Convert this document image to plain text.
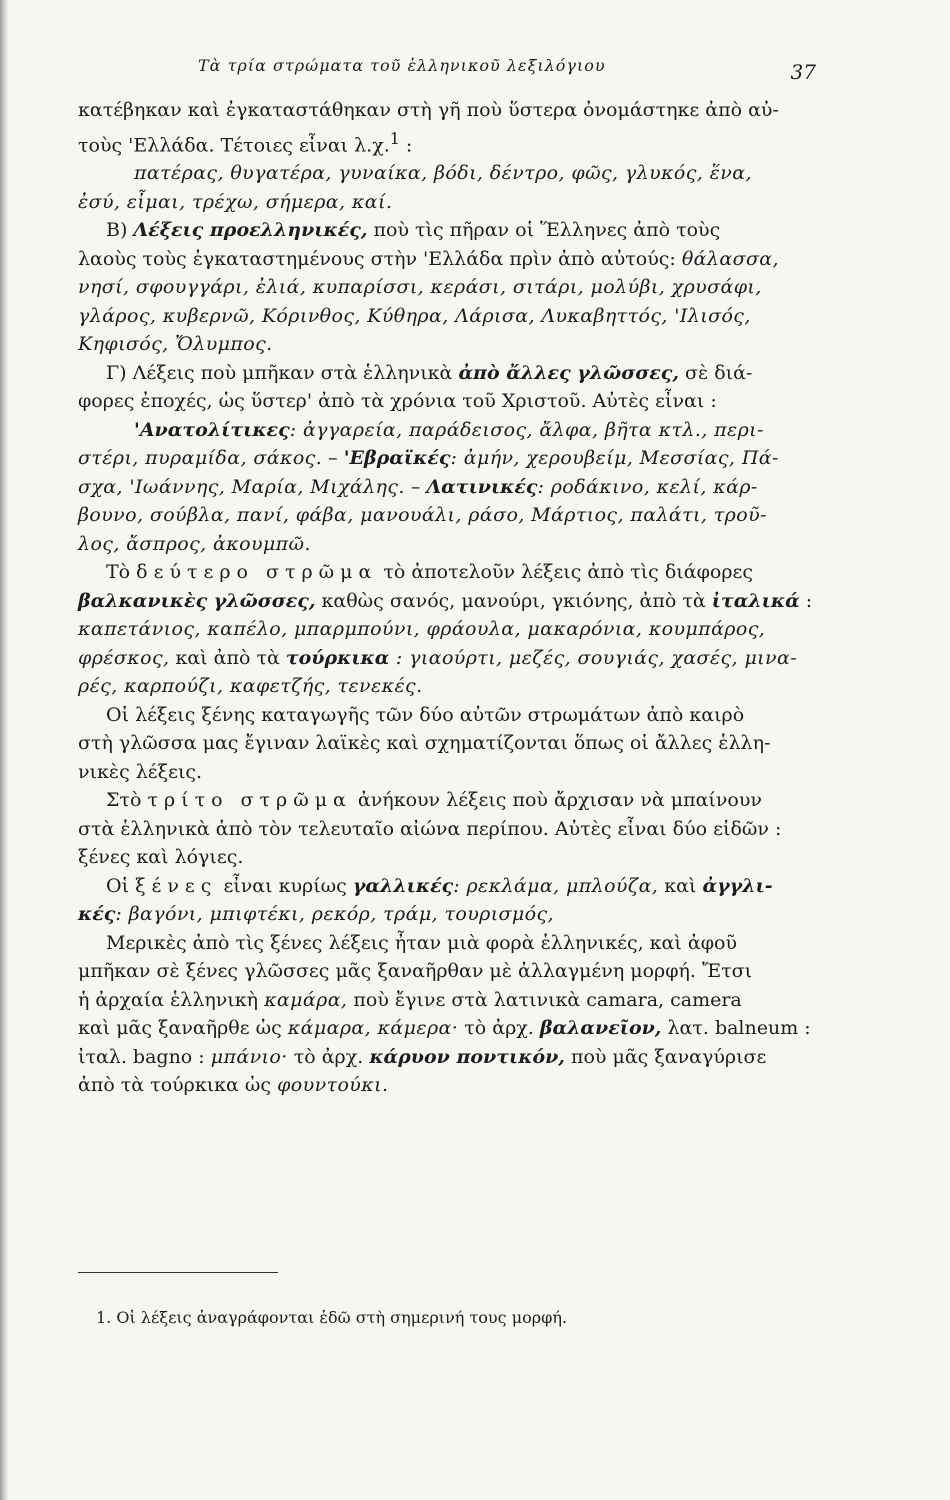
Τὰ τρία στρώματα τοῦ ἑλληνικοῦ λεξιλόγιου	37
κατέβηκαν καὶ ἐγκαταστάθηκαν στὴ γῆ ποὺ ὕστερα ὀνομάστηκε ἀπὸ αὐ-
τοὺς 'Ελλάδα. Τέτοιες εἶναι λ.χ.$^1$ :
πατέρας, θυγατέρα, γυναίκα, βόδι, δέντρο, φῶς, γλυκός, ἕνα,
ἐσύ, εἶμαι, τρέχω, σήμερα, καί.
Β) Λέξεις προελληνικές, ποὺ τὶς πῆραν οἱ Ἕλληνες ἀπὸ τοὺς
λαοὺς τοὺς ἐγκαταστημένους στὴν 'Ελλάδα πρὶν ἀπὸ αὐτούς: θάλασσα,
νησί, σφουγγάρι, ἐλιά, κυπαρίσσι, κεράσι, σιτάρι, μολύβι, χρυσάφι,
γλάρος, κυβερνῶ, Κόρινθος, Κύθηρα, Λάρισα, Λυκαβηττός, 'Ιλισός,
Κηφισός, Ὄλυμπος.
Γ) Λέξεις ποὺ μπῆκαν στὰ ἑλληνικὰ ἀπὸ ἄλλες γλῶσσες, σὲ διά-
φορες ἐποχές, ὡς ὕστερ' ἀπὸ τὰ χρόνια τοῦ Χριστοῦ. Αὐτὲς εἶναι :
'Ανατολίτικες: ἀγγαρεία, παράδεισος, ἄλφα, βῆτα κτλ., περι-
στέρι, πυραμίδα, σάκος. – 'Εβραϊκές: ἀμήν, χερουβείμ, Μεσσίας, Πά-
σχα, 'Ιωάννης, Μαρία, Μιχάλης. – Λατινικές: ροδάκινο, κελί, κάρ-
βουνο, σούβλα, πανί, φάβα, μανουάλι, ράσο, Μάρτιος, παλάτι, τροῦ-
λος, ἄσπρος, ἀκουμπῶ.
Τὸ δεύτερο στρῶμα τὸ ἀποτελοῦν λέξεις ἀπὸ τὶς διάφορες
βαλκανικὲς γλῶσσες, καθὼς σανός, μανούρι, γκιόνης, ἀπὸ τὰ ἰταλικά :
καπετάνιος, καπέλο, μπαρμπούνι, φράουλα, μακαρόνια, κουμπάρος,
φρέσκος, καὶ ἀπὸ τὰ τούρκικα : γιαούρτι, μεζές, σουγιάς, χασές, μινα-
ρές, καρπούζι, καφετζής, τενεκές.
Οἱ λέξεις ξένης καταγωγῆς τῶν δύο αὐτῶν στρωμάτων ἀπὸ καιρὸ
στὴ γλῶσσα μας ἔγιναν λαϊκὲς καὶ σχηματίζονται ὅπως οἱ ἄλλες ἑλλη-
νικὲς λέξεις.
Στὸ τρίτο στρῶμα ἀνήκουν λέξεις ποὺ ἄρχισαν νὰ μπαίνουν
στὰ ἑλληνικὰ ἀπὸ τὸν τελευταῖο αἰώνα περίπου. Αὐτὲς εἶναι δύο εἰδῶν :
ξένες καὶ λόγιες.
Οἱ ξένες εἶναι κυρίως γαλλικές: ρεκλάμα, μπλούζα, καὶ ἀγγλι-
κές: βαγόνι, μπιφτέκι, ρεκόρ, τράμ, τουρισμός,
Μερικὲς ἀπὸ τὶς ξένες λέξεις ἦταν μιὰ φορὰ ἑλληνικές, καὶ ἀφοῦ
μπῆκαν σὲ ξένες γλῶσσες μᾶς ξαναῆρθαν μὲ ἀλλαγμένη μορφή. Ἔτσι
ἡ ἀρχαία ἑλληνικὴ καμάρα, ποὺ ἔγινε στὰ λατινικὰ camara, camera
καὶ μᾶς ξαναῆρθε ὡς κάμαρα, κάμερα· τὸ ἀρχ. βαλανεῖον, λατ. balneum :
ἰταλ. bagno : μπάνιο· τὸ ἀρχ. κάρυον ποντικόν, ποὺ μᾶς ξαναγύρισε
ἀπὸ τὰ τούρκικα ὡς φουντούκι.
1. Οἱ λέξεις ἀναγράφονται ἐδῶ στὴ σημερινή τους μορφή.
